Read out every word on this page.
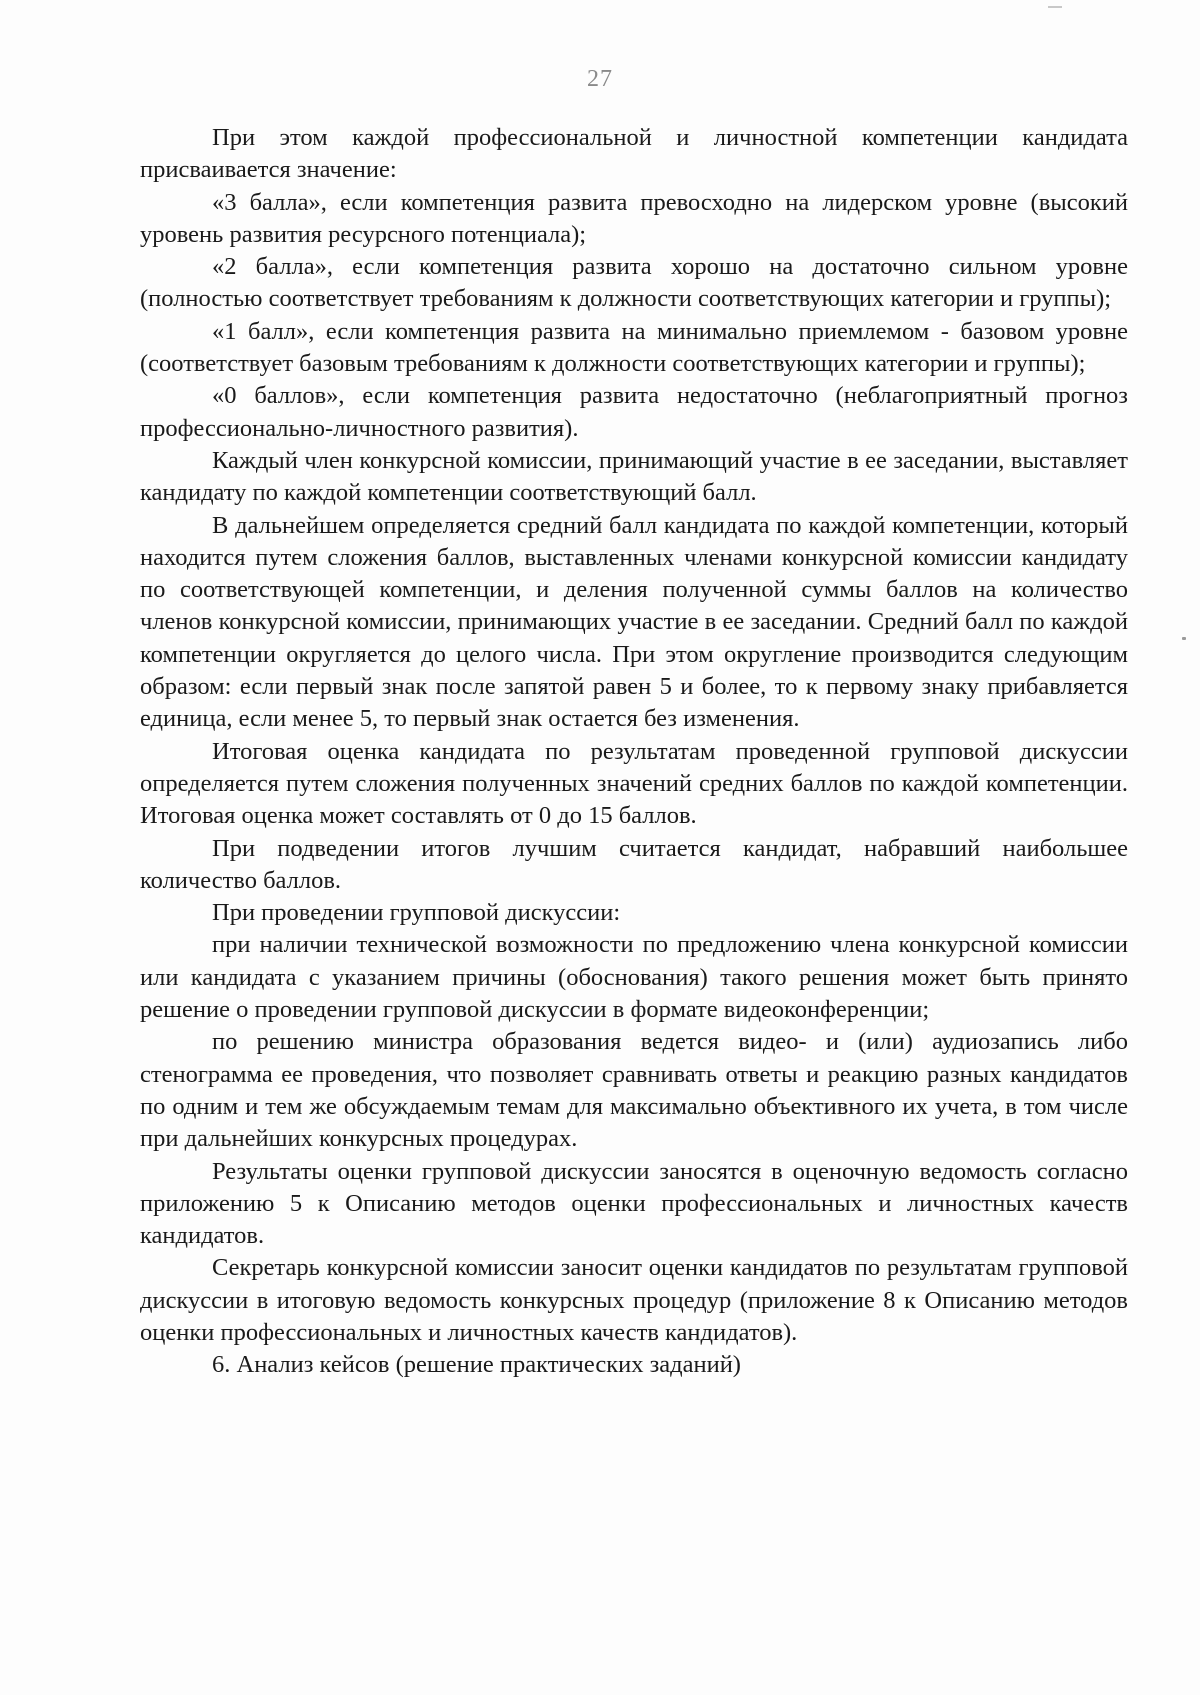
27

При этом каждой профессиональной и личностной компетенции кандидата присваивается значение:

«3 балла», если компетенция развита превосходно на лидерском уровне (высокий уровень развития ресурсного потенциала);

«2 балла», если компетенция развита хорошо на достаточно сильном уровне (полностью соответствует требованиям к должности соответствующих категории и группы);

«1 балл», если компетенция развита на минимально приемлемом - базовом уровне (соответствует базовым требованиям к должности соответствующих категории и группы);

«0 баллов», если компетенция развита недостаточно (неблагоприятный прогноз профессионально-личностного развития).

Каждый член конкурсной комиссии, принимающий участие в ее заседании, выставляет кандидату по каждой компетенции соответствующий балл.

В дальнейшем определяется средний балл кандидата по каждой компетенции, который находится путем сложения баллов, выставленных членами конкурсной комиссии кандидату по соответствующей компетенции, и деления полученной суммы баллов на количество членов конкурсной комиссии, принимающих участие в ее заседании. Средний балл по каждой компетенции округляется до целого числа. При этом округление производится следующим образом: если первый знак после запятой равен 5 и более, то к первому знаку прибавляется единица, если менее 5, то первый знак остается без изменения.

Итоговая оценка кандидата по результатам проведенной групповой дискуссии определяется путем сложения полученных значений средних баллов по каждой компетенции. Итоговая оценка может составлять от 0 до 15 баллов.

При подведении итогов лучшим считается кандидат, набравший наибольшее количество баллов.

При проведении групповой дискуссии:

при наличии технической возможности по предложению члена конкурсной комиссии или кандидата с указанием причины (обоснования) такого решения может быть принято решение о проведении групповой дискуссии в формате видеоконференции;

по решению министра образования ведется видео- и (или) аудиозапись либо стенограмма ее проведения, что позволяет сравнивать ответы и реакцию разных кандидатов по одним и тем же обсуждаемым темам для максимально объективного их учета, в том числе при дальнейших конкурсных процедурах.

Результаты оценки групповой дискуссии заносятся в оценочную ведомость согласно приложению 5 к Описанию методов оценки профессиональных и личностных качеств кандидатов.

Секретарь конкурсной комиссии заносит оценки кандидатов по результатам групповой дискуссии в итоговую ведомость конкурсных процедур (приложение 8 к Описанию методов оценки профессиональных и личностных качеств кандидатов).

6. Анализ кейсов (решение практических заданий)
